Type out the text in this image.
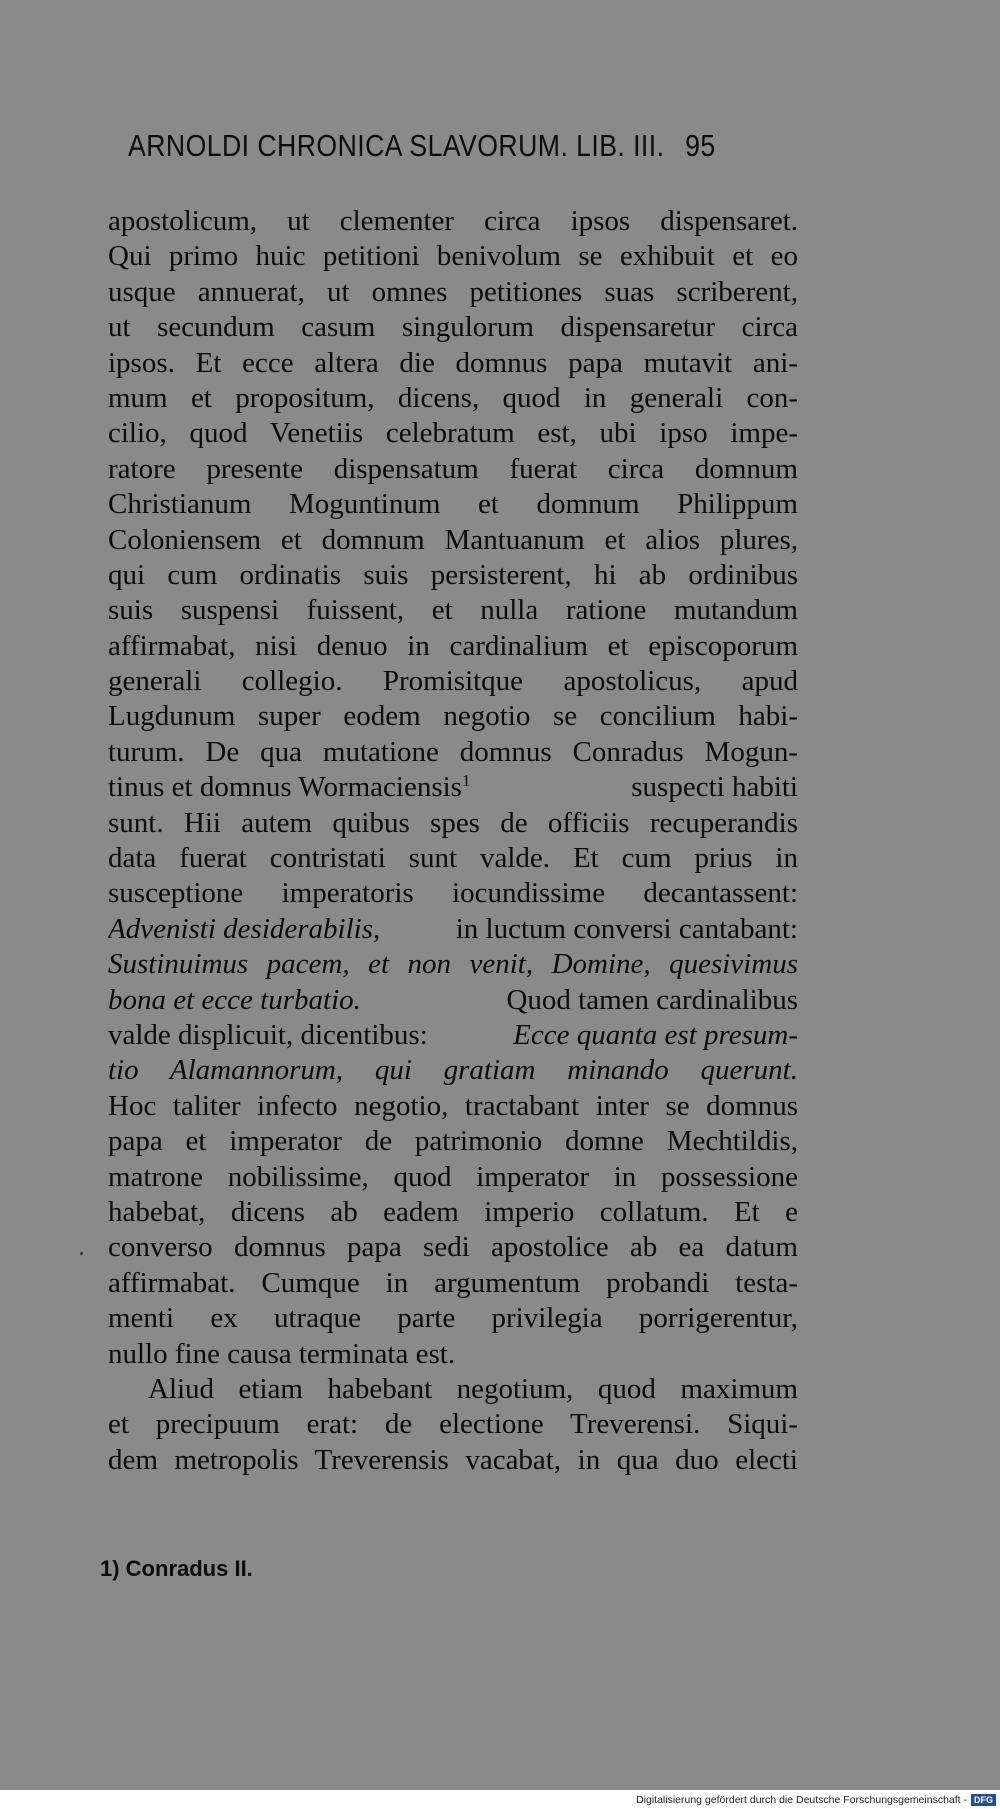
ARNOLDI CHRONICA SLAVORUM. LIB. III. 95
apostolicum, ut clementer circa ipsos dispensaret.
Qui primo huic petitioni benivolum se exhibuit et eo
usque annuerat, ut omnes petitiones suas scriberent,
ut secundum casum singulorum dispensaretur circa
ipsos. Et ecce altera die domnus papa mutavit ani-
mum et propositum, dicens, quod in generali con-
cilio, quod Venetiis celebratum est, ubi ipso impe-
ratore presente dispensatum fuerat circa domnum
Christianum Moguntinum et domnum Philippum
Coloniensem et domnum Mantuanum et alios plures,
qui cum ordinatis suis persisterent, hi ab ordinibus
suis suspensi fuissent, et nulla ratione mutandum
affirmabat, nisi denuo in cardinalium et episcoporum
generali collegio. Promisitque apostolicus, apud
Lugdunum super eodem negotio se concilium habi-
turum. De qua mutatione domnus Conradus Mogun-
tinus et domnus Wormaciensis$^1$	suspecti habiti
sunt. Hii autem quibus spes de officiis recuperandis
data fuerat contristati sunt valde. Et cum prius in
susceptione imperatoris iocundissime decantassent:
Advenisti desiderabilis,	in luctum conversi cantabant:
Sustinuimus pacem, et non venit, Domine, quesivimus
bona et ecce turbatio.	Quod tamen cardinalibus
valde displicuit, dicentibus:	Ecce quanta est presum-
tio Alamannorum, qui gratiam minando querunt.
Hoc taliter infecto negotio, tractabant inter se domnus
papa et imperator de patrimonio domne Mechtildis,
matrone nobilissime, quod imperator in possessione
habebat, dicens ab eadem imperio collatum. Et e
converso domnus papa sedi apostolice ab ea datum
affirmabat. Cumque in argumentum probandi testa-
menti ex utraque parte privilegia porrigerentur,
nullo fine causa terminata est.
Aliud etiam habebant negotium, quod maximum
et precipuum erat: de electione Treverensi. Siqui-
dem metropolis Treverensis vacabat, in qua duo electi
1) Conradus II.
Digitalisierung gefördert durch die Deutsche Forschungsgemeinschaft - DFG
